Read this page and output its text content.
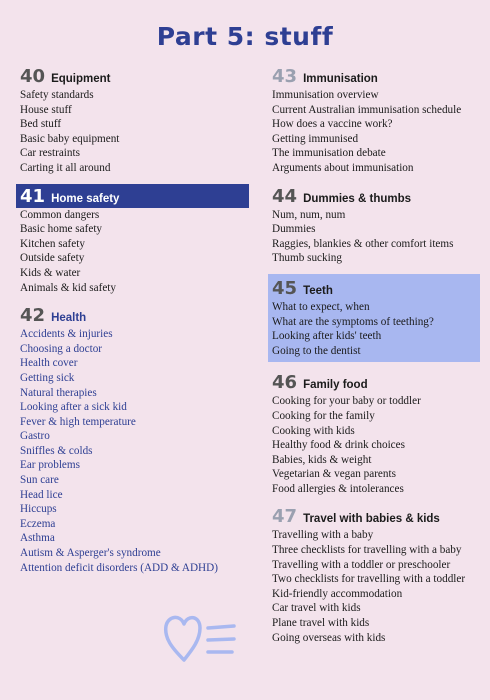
Part 5: stuff
40 Equipment
Safety standards
House stuff
Bed stuff
Basic baby equipment
Car restraints
Carting it all around
41 Home safety
Common dangers
Basic home safety
Kitchen safety
Outside safety
Kids & water
Animals & kid safety
42 Health
Accidents & injuries
Choosing a doctor
Health cover
Getting sick
Natural therapies
Looking after a sick kid
Fever & high temperature
Gastro
Sniffles & colds
Ear problems
Sun care
Head lice
Hiccups
Eczema
Asthma
Autism & Asperger's syndrome
Attention deficit disorders (ADD & ADHD)
43 Immunisation
Immunisation overview
Current Australian immunisation schedule
How does a vaccine work?
Getting immunised
The immunisation debate
Arguments about immunisation
44 Dummies & thumbs
Num, num, num
Dummies
Raggies, blankies & other comfort items
Thumb sucking
45 Teeth
What to expect, when
What are the symptoms of teething?
Looking after kids' teeth
Going to the dentist
46 Family food
Cooking for your baby or toddler
Cooking for the family
Cooking with kids
Healthy food & drink choices
Babies, kids & weight
Vegetarian & vegan parents
Food allergies & intolerances
47 Travel with babies & kids
Travelling with a baby
Three checklists for travelling with a baby
Travelling with a toddler or preschooler
Two checklists for travelling with a toddler
Kid-friendly accommodation
Car travel with kids
Plane travel with kids
Going overseas with kids
